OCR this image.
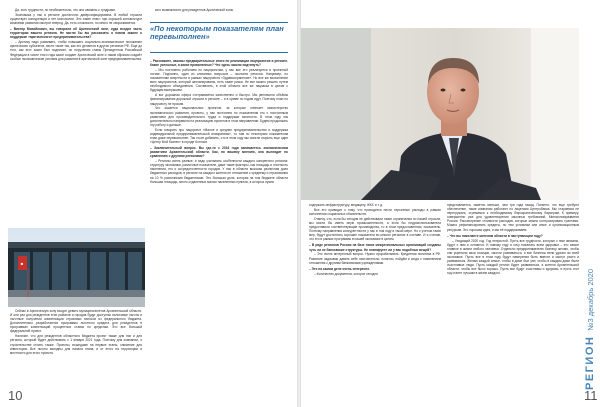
Да, есть трудности, но необязательно, что они связаны с тундрами.

Экономика у нас в регионе достаточно диверсифицирована. В любой отрасли существует конкуренция и нет монополии. Эти такие плюс: при хорошей конъюнктуре компании развития смотрят вперед. Да, есть сложности, но много не сворачивается.

– Виктор Михайлович, вы говорили об Арктической зоне, куда входит часть территории вашего региона. Не могли бы вы рассказать о новом законе о поддержке «арктического» предпринимательства?

– Арктику надо развивать, чтобы повышать социально-экономическое положение арктических субъектов, нести такие так, как это делается в других регионах РФ. Еще до того, как этот закон был подписан, по поручению главы Президентом Российской Федерации в числе этого года закон создает Арктической зоне и таким образом создаёт особые экономические условия для развития в арктической зоне предпринимательства.

■

Сейчас в Арктическую зону входят девять муниципалитетов Архангельской области. И они раз для резидентов этих районов и городов будут доступны налоговые льготы и льготные получения компенсации страховых взносов из федерального бюджета. Дополнительно разработаются программы льготного кредита для резидентов в программах компенсаций процентных ставок по кредитам. Это все большой федеральной проект.

Наличие, что для резидентов областного бюджета проект также для них и для региона, который будет действовать с 1 января 2021 года. Поэтому для компании, о строительстве стоить также. Проекты, вошедшие на первые этапы, снижение для инвесторов. Все льготы выгодны для начала этапа, и от этого на территории и местности для этого проекта.

кого возможности для резидентов Арктической зоны.

«По некоторым показателям план перевыполнен»

– Расскажите, каковы предварительные итоги по реализации нацпроектов в регионе. Какие успешные, а какие проваленные? Что здесь можно подтянуть?

– Мы постоянно работаем по нацпроектам, у нас все это реализуется в проектной логике. Подлинно, один из ключевых вопросов – экологии региона. Например, по показателям смертности в рамках нацпроекта «Здравоохранение». Но все же выполнение всех нацпроектов, который запланированы, есть такие риски. Не все можно решить путем необходимого объединения. Составлять, в этой области все же нацзаказ в целом с будущим выигрышем.

А вот дорожная сфера отстраивается качественно и быстро. Мы увеличили объёмы финансирования дорожной отрасли в регионе – и в сумме по годам идут. Поэтому план по нацпроекту не просим.

Что касается национальных проектов, за которые отвечает министерство экономического развития, проекты, у нас постоянно по показателям это с постоянным развитием для производительного труда и поддержки занятости. В этом году мы дополнительно направили на реализацию проектов в этом направлении. Будем продолжать эту работу и дальше.

Если говорить про нацпроект «Малое и среднее предпринимательство и поддержка индивидуальной предпринимательской инициативы», то там по некоторым показателям план даже перевыполнен. Так стоит добавить, что в этом году мы смогли открыть еще один «Центр Мой бизнес» в городе Котласе.

– Заключительный вопрос. Вы где-то с 2016 года занимаетесь экономическим развитием Архангельской области. Как, по вашему мнению, она выглядит по сравнению с другими регионами?

– Регионы очень разные, и надо учитывать особенности каждого конкретного региона: структуру экономики, различные показатели, даже такие факторы, как площадь и плотность населения, его и сосредоточенности городов. У нас в области высокая различная доля бюджетных расходов, в регионе на каждого жителя не отношение к среднему и страхования на 10 % различными бюджетными. Это большая доля, которая на том бюджете области большая площадь, много отдаленных малых населенных пунктов, в которых нужно

10

содержать инфраструктуру, медицину, ЖКХ и т. д.

Все это приводит к тому, что приходится нести серьезные расходы в рамках исполнения социальных обязательств.

Отмечу, что, если бы сегодня не действовали такие ограничения по нашей отрасли, мы могли бы иметь иную промышленности, а если бы недроиспользователи предоставили соответствующие производства, то в этом предоставлении, показатель. Поэтому направления конкурентности у нас в том году в такой мере. Но с учетом таких мер, будут достаточно хорошие показатели во многих регионах в составе. И я считаю, что это в рамках программы в нашей экономике в целом.

– В ряде регионов России на базе таких межрегиональных организаций созданы чуть ли не банковские структуры. Не планируете ли у вас подобных вещей?

– Это очень интересный вопрос. Нужно прорабатывать. Кредитная политика в РФ. Развитие задачами давать себе настоятельно, понятно, пойдём и когда с появлением отношения с другими банковскими учреждениями.

– Это на самом деле очень интересно.

– Количество документов, которое сегодня

представляется, заметно меньше, чем три года назад. Понятно, что еще требуют обеспечение, такие компании работают по лицензии Центробанка. Мы стараемся не перегружать, стремимся к необходимому бюрократическому барьерам. К примеру, совершенно уже для удовлетворения законных требований, Минэкономразвития России. Рассмотрение стоимости расходов, которые можно контролировать грантами. Можно рефинансировать кредиты, по тем условиям или иные и организационным ресурсам. Это хорошая идея, и мы её поддерживаем.

– Что вы пожелаете жителям области в наступающем году?

– Уходящий 2020 год. Год непростой. Пусть все трудности, которые с ним связаны, будут с ним и остаются. И новому году я хочу пожелать всем здоровья – это самое главное в жизни любого человека. Отдельно предпринимателю бизнесу желаю, чтобы они укрепили свои позиции, смогли развиваться, и все бизнесы вели удачно во всей экономике. Пусть все в этом году будут намерения быть вместе и смогут расти и развиваться. Желаю каждой семье, чтобы в доме был уют, чтобы в каждом доме были счастливые люди. Пусть каждый регион будет развиваться, а жители Архангельской области, чтобы все было хорошо. Пусть все будут счастливы и здоровы, и пусть этот год станет лучшим в жизни каждого.

РЕГИОН №3 декабрь 2020
11
